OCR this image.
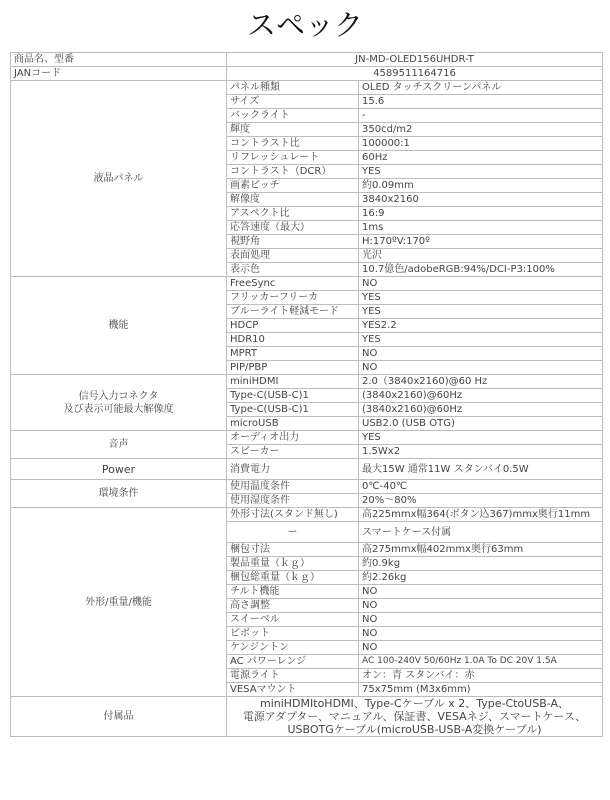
スペック
商品名、型番	JN-MD-OLED156UHDR-T	
JANコード	4589511164716	
液晶パネル	パネル種類	OLED タッチスクリーンパネル
	サイズ	15.6
	バックライト	-
	輝度	350cd/m2
	コントラスト比	100000:1
	リフレッシュレート	60Hz
	コントラスト（DCR）	YES
	画素ピッチ	約0.09mm
	解像度	3840x2160
	アスペクト比	16:9
	応答速度（最大）	1ms
	視野角	H:170ºV:170º
	表面処理	光沢
	表示色	10.7億色/adobeRGB:94%/DCI-P3:100%
機能	FreeSync	NO
	フリッカーフリーカ	YES
	ブルーライト軽減モード	YES
	HDCP	YES2.2
	HDR10	YES
	MPRT	NO
	PIP/PBP	NO

信号入力コネクタ
及び表示可能最大解像度	miniHDMI	2.0（3840x2160)@60 Hz
	Type-C(USB-C)1	(3840x2160)@60Hz
	Type-C(USB-C)1	(3840x2160)@60Hz
	microUSB	USB2.0 (USB OTG)
音声	オーディオ出力	YES
	スピーカー	1.5Wx2
Power	消費電力	最大15W 通常11W スタンバイ0.5W
環境条件	使用温度条件	0℃-40℃
	使用湿度条件	20%～80%
外形/重量/機能	外形寸法(スタンド無し)	高225mmx幅364(ボタン込367)mmx奥行11mm
	ー	スマートケース付属
	梱包寸法	高275mmx幅402mmx奥行63mm
	製品重量（ｋｇ）	約0.9kg
	梱包総重量（ｋｇ）	約2.26kg
	チルト機能	NO
	高さ調整	NO
	スイーベル	NO
	ピボット	NO
	ケンジントン	NO
	AC パワーレンジ	AC 100-240V 50/60Hz 1.0A To DC 20V 1.5A
	電源ライト	オン：青 スタンバイ：赤
	VESAマウント	75x75mm (M3x6mm)
付属品	miniHDMItoHDMI、Type-Cケーブル x 2、Type-CtoUSB-A、
電源アダプター、マニュアル、保証書、VESAネジ、スマートケース、
USBOTGケーブル(microUSB-USB-A変換ケーブル)	
